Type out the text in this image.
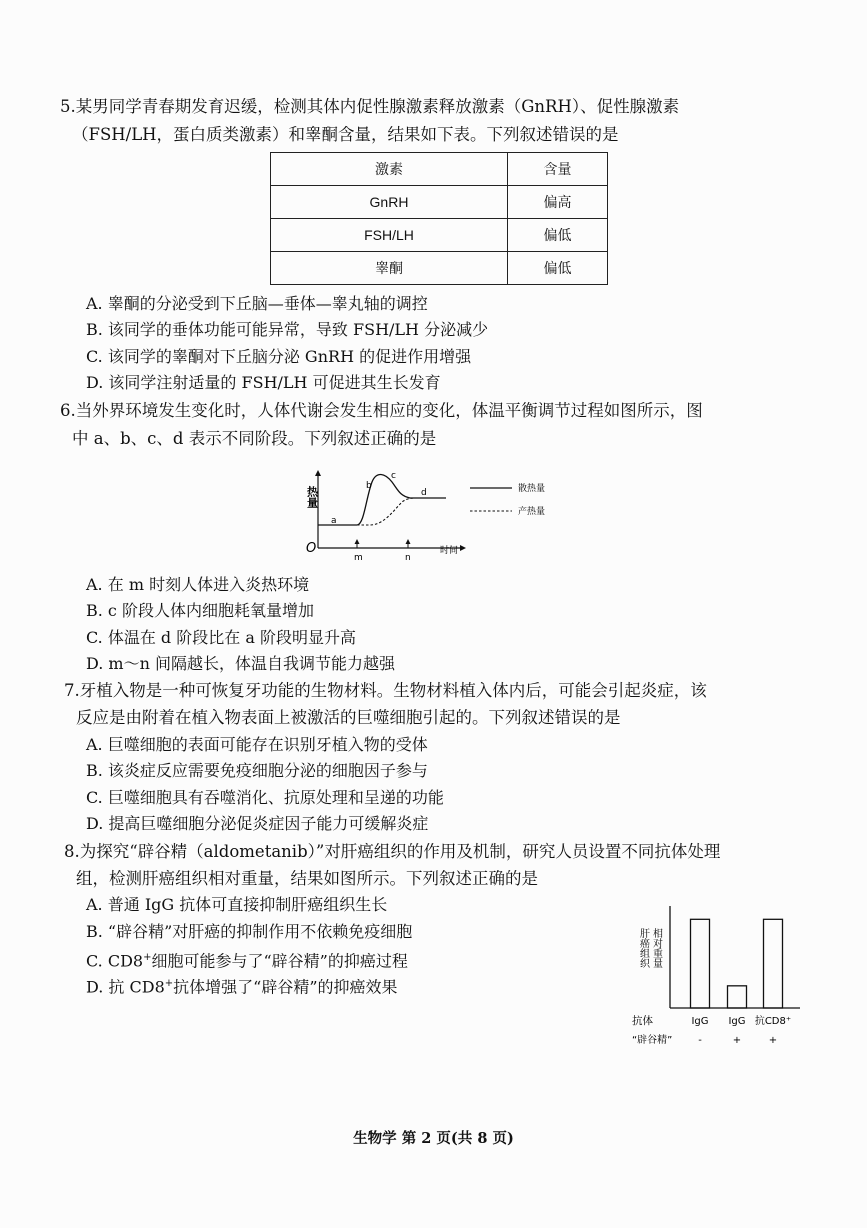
5.某男同学青春期发育迟缓，检测其体内促性腺激素释放激素（GnRH）、促性腺激素
（FSH/LH，蛋白质类激素）和睾酮含量，结果如下表。下列叙述错误的是
激素	含量
GnRH	偏高
FSH/LH	偏低
睾酮	偏低
A. 睾酮的分泌受到下丘脑—垂体—睾丸轴的调控
B. 该同学的垂体功能可能异常，导致 FSH/LH 分泌减少
C. 该同学的睾酮对下丘脑分泌 GnRH 的促进作用增强
D. 该同学注射适量的 FSH/LH 可促进其生长发育
6.当外界环境发生变化时，人体代谢会发生相应的变化，体温平衡调节过程如图所示，图
中 a、b、c、d 表示不同阶段。下列叙述正确的是
热量
O	时间
m	n
a
b
c
d	散热量
产热量
A. 在 m 时刻人体进入炎热环境
B. c 阶段人体内细胞耗氧量增加
C. 体温在 d 阶段比在 a 阶段明显升高
D. m～n 间隔越长，体温自我调节能力越强
7.牙植入物是一种可恢复牙功能的生物材料。生物材料植入体内后，可能会引起炎症，该
反应是由附着在植入物表面上被激活的巨噬细胞引起的。下列叙述错误的是
A. 巨噬细胞的表面可能存在识别牙植入物的受体
B. 该炎症反应需要免疫细胞分泌的细胞因子参与
C. 巨噬细胞具有吞噬消化、抗原处理和呈递的功能
D. 提高巨噬细胞分泌促炎症因子能力可缓解炎症
8.为探究“辟谷精（aldometanib）”对肝癌组织的作用及机制，研究人员设置不同抗体处理
组，检测肝癌组织相对重量，结果如图所示。下列叙述正确的是
A. 普通 IgG 抗体可直接抑制肝癌组织生长
B. “辟谷精”对肝癌的抑制作用不依赖免疫细胞
C. CD8+细胞可能参与了“辟谷精”的抑癌过程
D. 抗 CD8+抗体增强了“辟谷精”的抑癌效果
肝癌组织 相对重量
抗体
“辟谷精”
IgG
-
IgG
+
抗CD8⁺
+
生物学 第 2 页(共 8 页)
